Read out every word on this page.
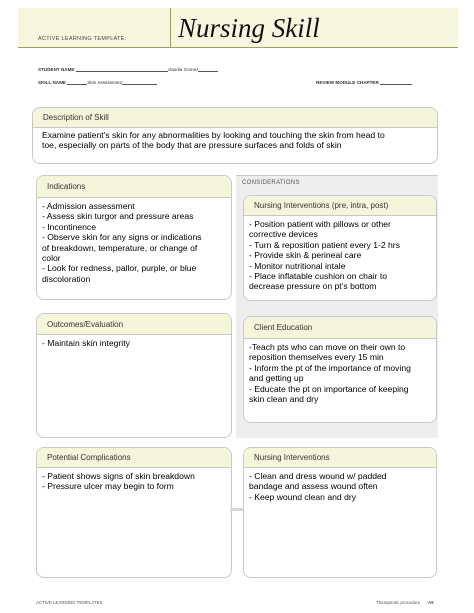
ACTIVE LEARNING TEMPLATE: Nursing Skill
STUDENT NAME	claudia Gomez
SKILL NAME	Skin Assessment	REVIEW MODULE CHAPTER
Description of Skill
Examine patient's skin for any abnormalities by looking and touching the skin from head to
toe, especially on parts of the body that are pressure surfaces and folds of skin
Indications
- Admission assessment
- Assess skin turgor and pressure areas
- Incontinence
- Observe skin for any signs or indications
of breakdown, temperature, or change of
color
- Look for redness, pallor, purple, or blue
discoloration
CONSIDERATIONS
Nursing Interventions (pre, intra, post)
- Position patient with pillows or other
corrective devices
- Turn & reposition patient every 1-2 hrs
- Provide skin & perineal care
- Monitor nutritional intale
- Place inflatable cushion on chair to
decrease pressure on pt’s bottom
Outcomes/Evaluation
- Maintain skin integrity
Client Education
-Teach pts who can move on their own to
reposition themselves every 15 min
- Inform the pt of the importance of moving
and getting up
- Educate the pt on importance of keeping
skin clean and dry
Potential Complications
- Patient shows signs of skin breakdown
- Pressure ulcer may begin to form
Nursing Interventions
- Clean and dress wound w/ padded
bandage and assess wound often
- Keep wound clean and dry
ACTIVE LEARNING TEMPLATES	Therapeutic procedure A9
